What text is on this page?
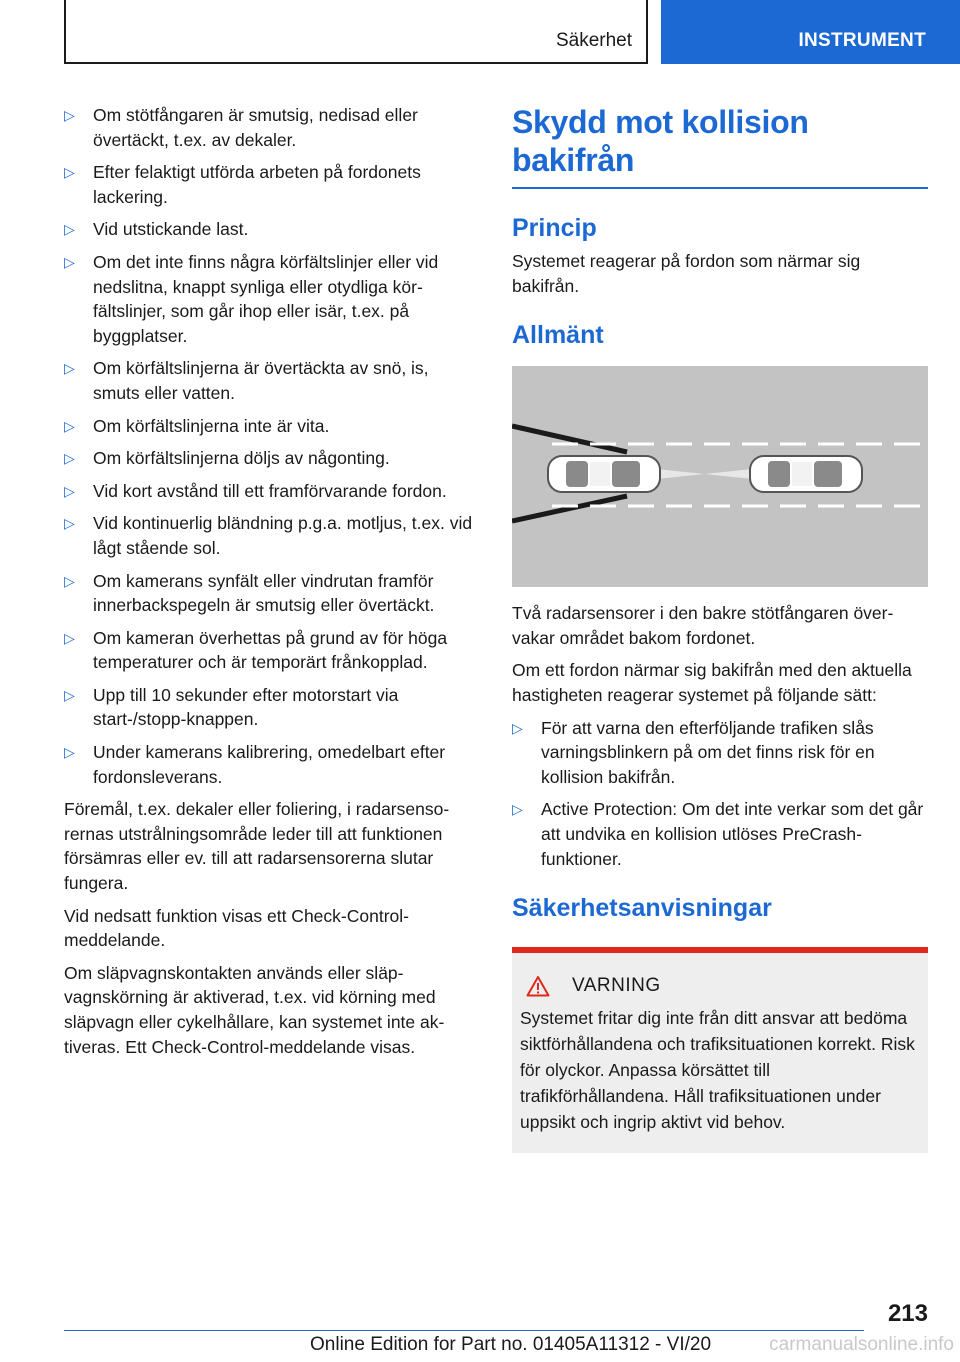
Säkerhet	INSTRUMENT
▷ Om stötfångaren är smutsig, nedisad eller övertäckt, t.ex. av dekaler.
▷ Efter felaktigt utförda arbeten på fordonets lackering.
▷ Vid utstickande last.
▷ Om det inte finns några körfältslinjer eller vid nedslitna, knappt synliga eller otydliga körfältslinjer, som går ihop eller isär, t.ex. på byggplatser.
▷ Om körfältslinjerna är övertäckta av snö, is, smuts eller vatten.
▷ Om körfältslinjerna inte är vita.
▷ Om körfältslinjerna döljs av någonting.
▷ Vid kort avstånd till ett framförvarande fordon.
▷ Vid kontinuerlig bländning p.g.a. motljus, t.ex. vid lågt stående sol.
▷ Om kamerans synfält eller vindrutan framför innerbackspegeln är smutsig eller övertäckt.
▷ Om kameran överhettas på grund av för höga temperaturer och är temporärt frånkopplad.
▷ Upp till 10 sekunder efter motorstart via start-/stopp-knappen.
▷ Under kamerans kalibrering, omedelbart efter fordonsleverans.

Föremål, t.ex. dekaler eller foliering, i radarsensorernas utstrålningsområde leder till att funktionen försämras eller ev. till att radarsensorerna slutar fungera.

Vid nedsatt funktion visas ett Check-Control-meddelande.

Om släpvagnskontakten används eller släpvagnskörning är aktiverad, t.ex. vid körning med släpvagn eller cykelhållare, kan systemet inte aktiveras. Ett Check-Control-meddelande visas.

Skydd mot kollision bakifrån
Princip

Systemet reagerar på fordon som närmar sig bakifrån.

Allmänt

Två radarsensorer i den bakre stötfångaren övervakar området bakom fordonet.

Om ett fordon närmar sig bakifrån med den aktuella hastigheten reagerar systemet på följande sätt:

▷ För att varna den efterföljande trafiken slås varningsblinkern på om det finns risk för en kollision bakifrån.
▷ Active Protection: Om det inte verkar som det går att undvika en kollision utlöses PreCrash-funktioner.
Säkerhetsanvisningar
VARNING

Systemet fritar dig inte från ditt ansvar att bedöma siktförhållandena och trafiksituationen korrekt. Risk för olyckor. Anpassa körsättet till trafikförhållandena. Håll trafiksituationen under uppsikt och ingrip aktivt vid behov.

213
Online Edition for Part no. 01405A11312 - VI/20	carmanualsonline.info
